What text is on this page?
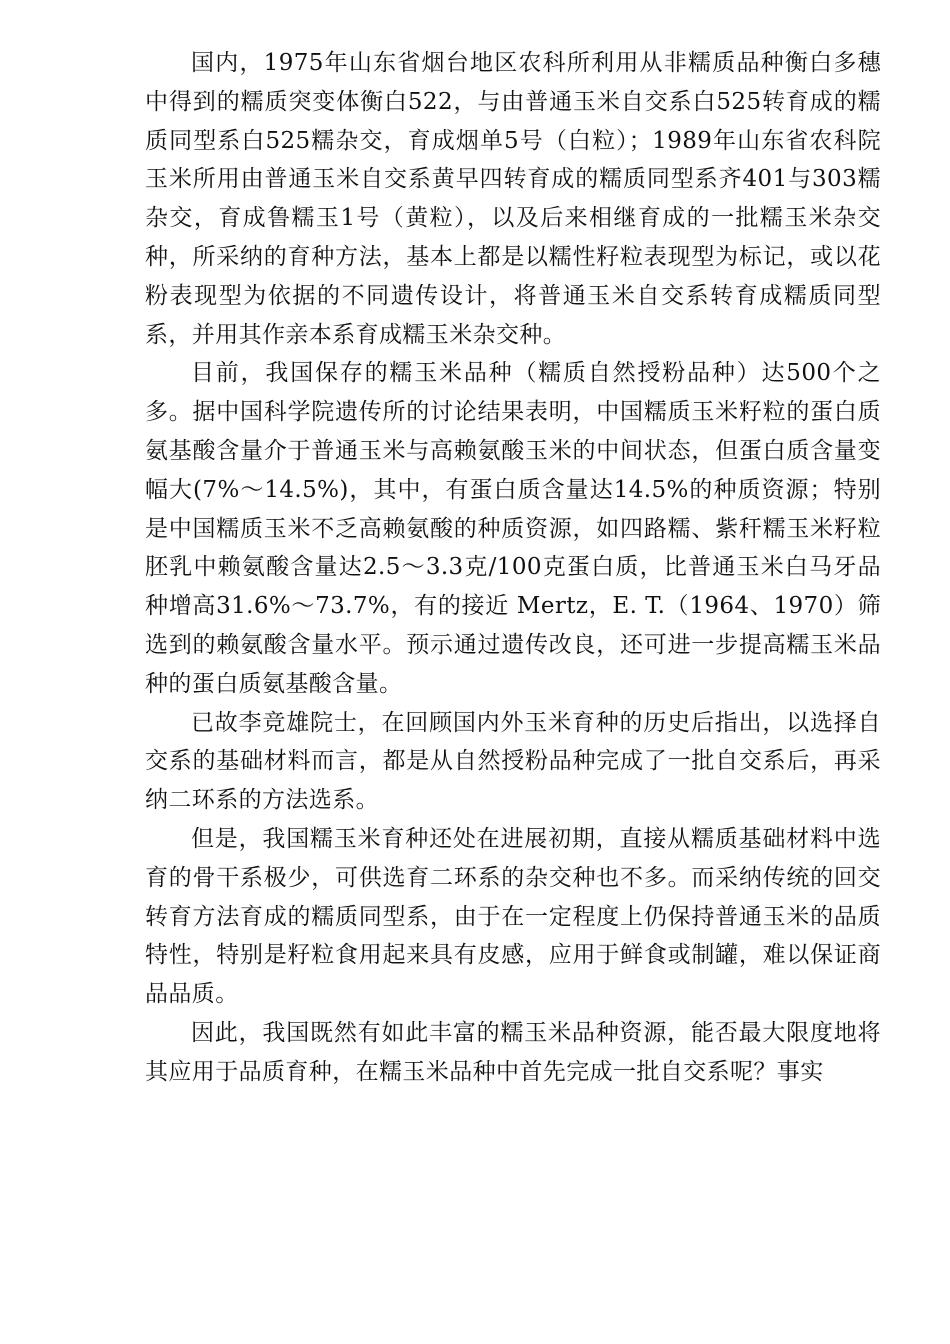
国内，1975年山东省烟台地区农科所利用从非糯质品种衡白多穗中得到的糯质突变体衡白522，与由普通玉米自交系白525转育成的糯质同型系白525糯杂交，育成烟单5号（白粒）；1989年山东省农科院玉米所用由普通玉米自交系黄早四转育成的糯质同型系齐401与303糯杂交，育成鲁糯玉1号（黄粒），以及后来相继育成的一批糯玉米杂交种，所采纳的育种方法，基本上都是以糯性籽粒表现型为标记，或以花粉表现型为依据的不同遗传设计，将普通玉米自交系转育成糯质同型系，并用其作亲本系育成糯玉米杂交种。

目前，我国保存的糯玉米品种（糯质自然授粉品种）达500个之多。据中国科学院遗传所的讨论结果表明，中国糯质玉米籽粒的蛋白质氨基酸含量介于普通玉米与高赖氨酸玉米的中间状态，但蛋白质含量变幅大(7%～14.5%)，其中，有蛋白质含量达14.5%的种质资源；特别是中国糯质玉米不乏高赖氨酸的种质资源，如四路糯、紫秆糯玉米籽粒胚乳中赖氨酸含量达2.5～3.3克/100克蛋白质，比普通玉米白马牙品种增高31.6%～73.7%，有的接近 Mertz，E. T.（1964、1970）筛选到的赖氨酸含量水平。预示通过遗传改良，还可进一步提高糯玉米品种的蛋白质氨基酸含量。

已故李竞雄院士，在回顾国内外玉米育种的历史后指出，以选择自交系的基础材料而言，都是从自然授粉品种完成了一批自交系后，再采纳二环系的方法选系。

但是，我国糯玉米育种还处在进展初期，直接从糯质基础材料中选育的骨干系极少，可供选育二环系的杂交种也不多。而采纳传统的回交转育方法育成的糯质同型系，由于在一定程度上仍保持普通玉米的品质特性，特别是籽粒食用起来具有皮感，应用于鲜食或制罐，难以保证商品品质。

因此，我国既然有如此丰富的糯玉米品种资源，能否最大限度地将其应用于品质育种，在糯玉米品种中首先完成一批自交系呢？事实
